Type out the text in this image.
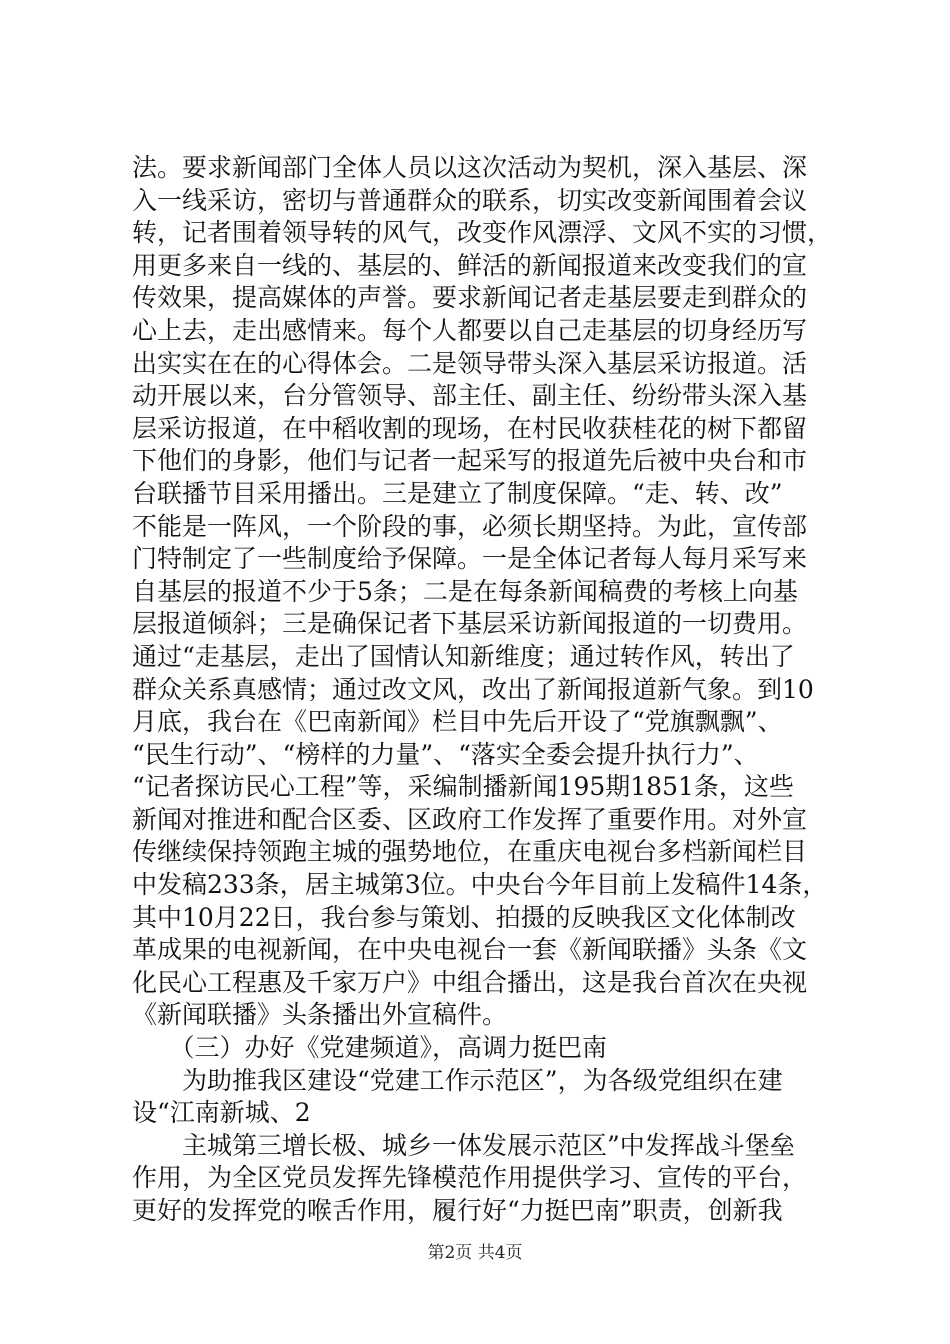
法。要求新闻部门全体人员以这次活动为契机，深入基层、深
入一线采访，密切与普通群众的联系，切实改变新闻围着会议
转，记者围着领导转的风气，改变作风漂浮、文风不实的习惯，
用更多来自一线的、基层的、鲜活的新闻报道来改变我们的宣
传效果，提高媒体的声誉。要求新闻记者走基层要走到群众的
心上去，走出感情来。每个人都要以自己走基层的切身经历写
出实实在在的心得体会。二是领导带头深入基层采访报道。活
动开展以来，台分管领导、部主任、副主任、纷纷带头深入基
层采访报道，在中稻收割的现场，在村民收获桂花的树下都留
下他们的身影，他们与记者一起采写的报道先后被中央台和市
台联播节目采用播出。三是建立了制度保障。“走、转、改”
不能是一阵风，一个阶段的事，必须长期坚持。为此，宣传部
门特制定了一些制度给予保障。一是全体记者每人每月采写来
自基层的报道不少于5条；二是在每条新闻稿费的考核上向基
层报道倾斜；三是确保记者下基层采访新闻报道的一切费用。
通过“走基层，走出了国情认知新维度；通过转作风，转出了
群众关系真感情；通过改文风，改出了新闻报道新气象。到10
月底，我台在《巴南新闻》栏目中先后开设了“党旗飘飘”、
“民生行动”、“榜样的力量”、“落实全委会提升执行力”、
“记者探访民心工程”等，采编制播新闻195期1851条，这些
新闻对推进和配合区委、区政府工作发挥了重要作用。对外宣
传继续保持领跑主城的强势地位，在重庆电视台多档新闻栏目
中发稿233条，居主城第3位。中央台今年目前上发稿件14条，
其中10月22日，我台参与策划、拍摄的反映我区文化体制改
革成果的电视新闻，在中央电视台一套《新闻联播》头条《文
化民心工程惠及千家万户》中组合播出，这是我台首次在央视
《新闻联播》头条播出外宣稿件。
　　（三）办好《党建频道》，高调力挺巴南
　　为助推我区建设“党建工作示范区”，为各级党组织在建
设“江南新城、2
　　主城第三增长极、城乡一体发展示范区”中发挥战斗堡垒
作用，为全区党员发挥先锋模范作用提供学习、宣传的平台，
更好的发挥党的喉舌作用，履行好“力挺巴南”职责，创新我
第2页 共4页
